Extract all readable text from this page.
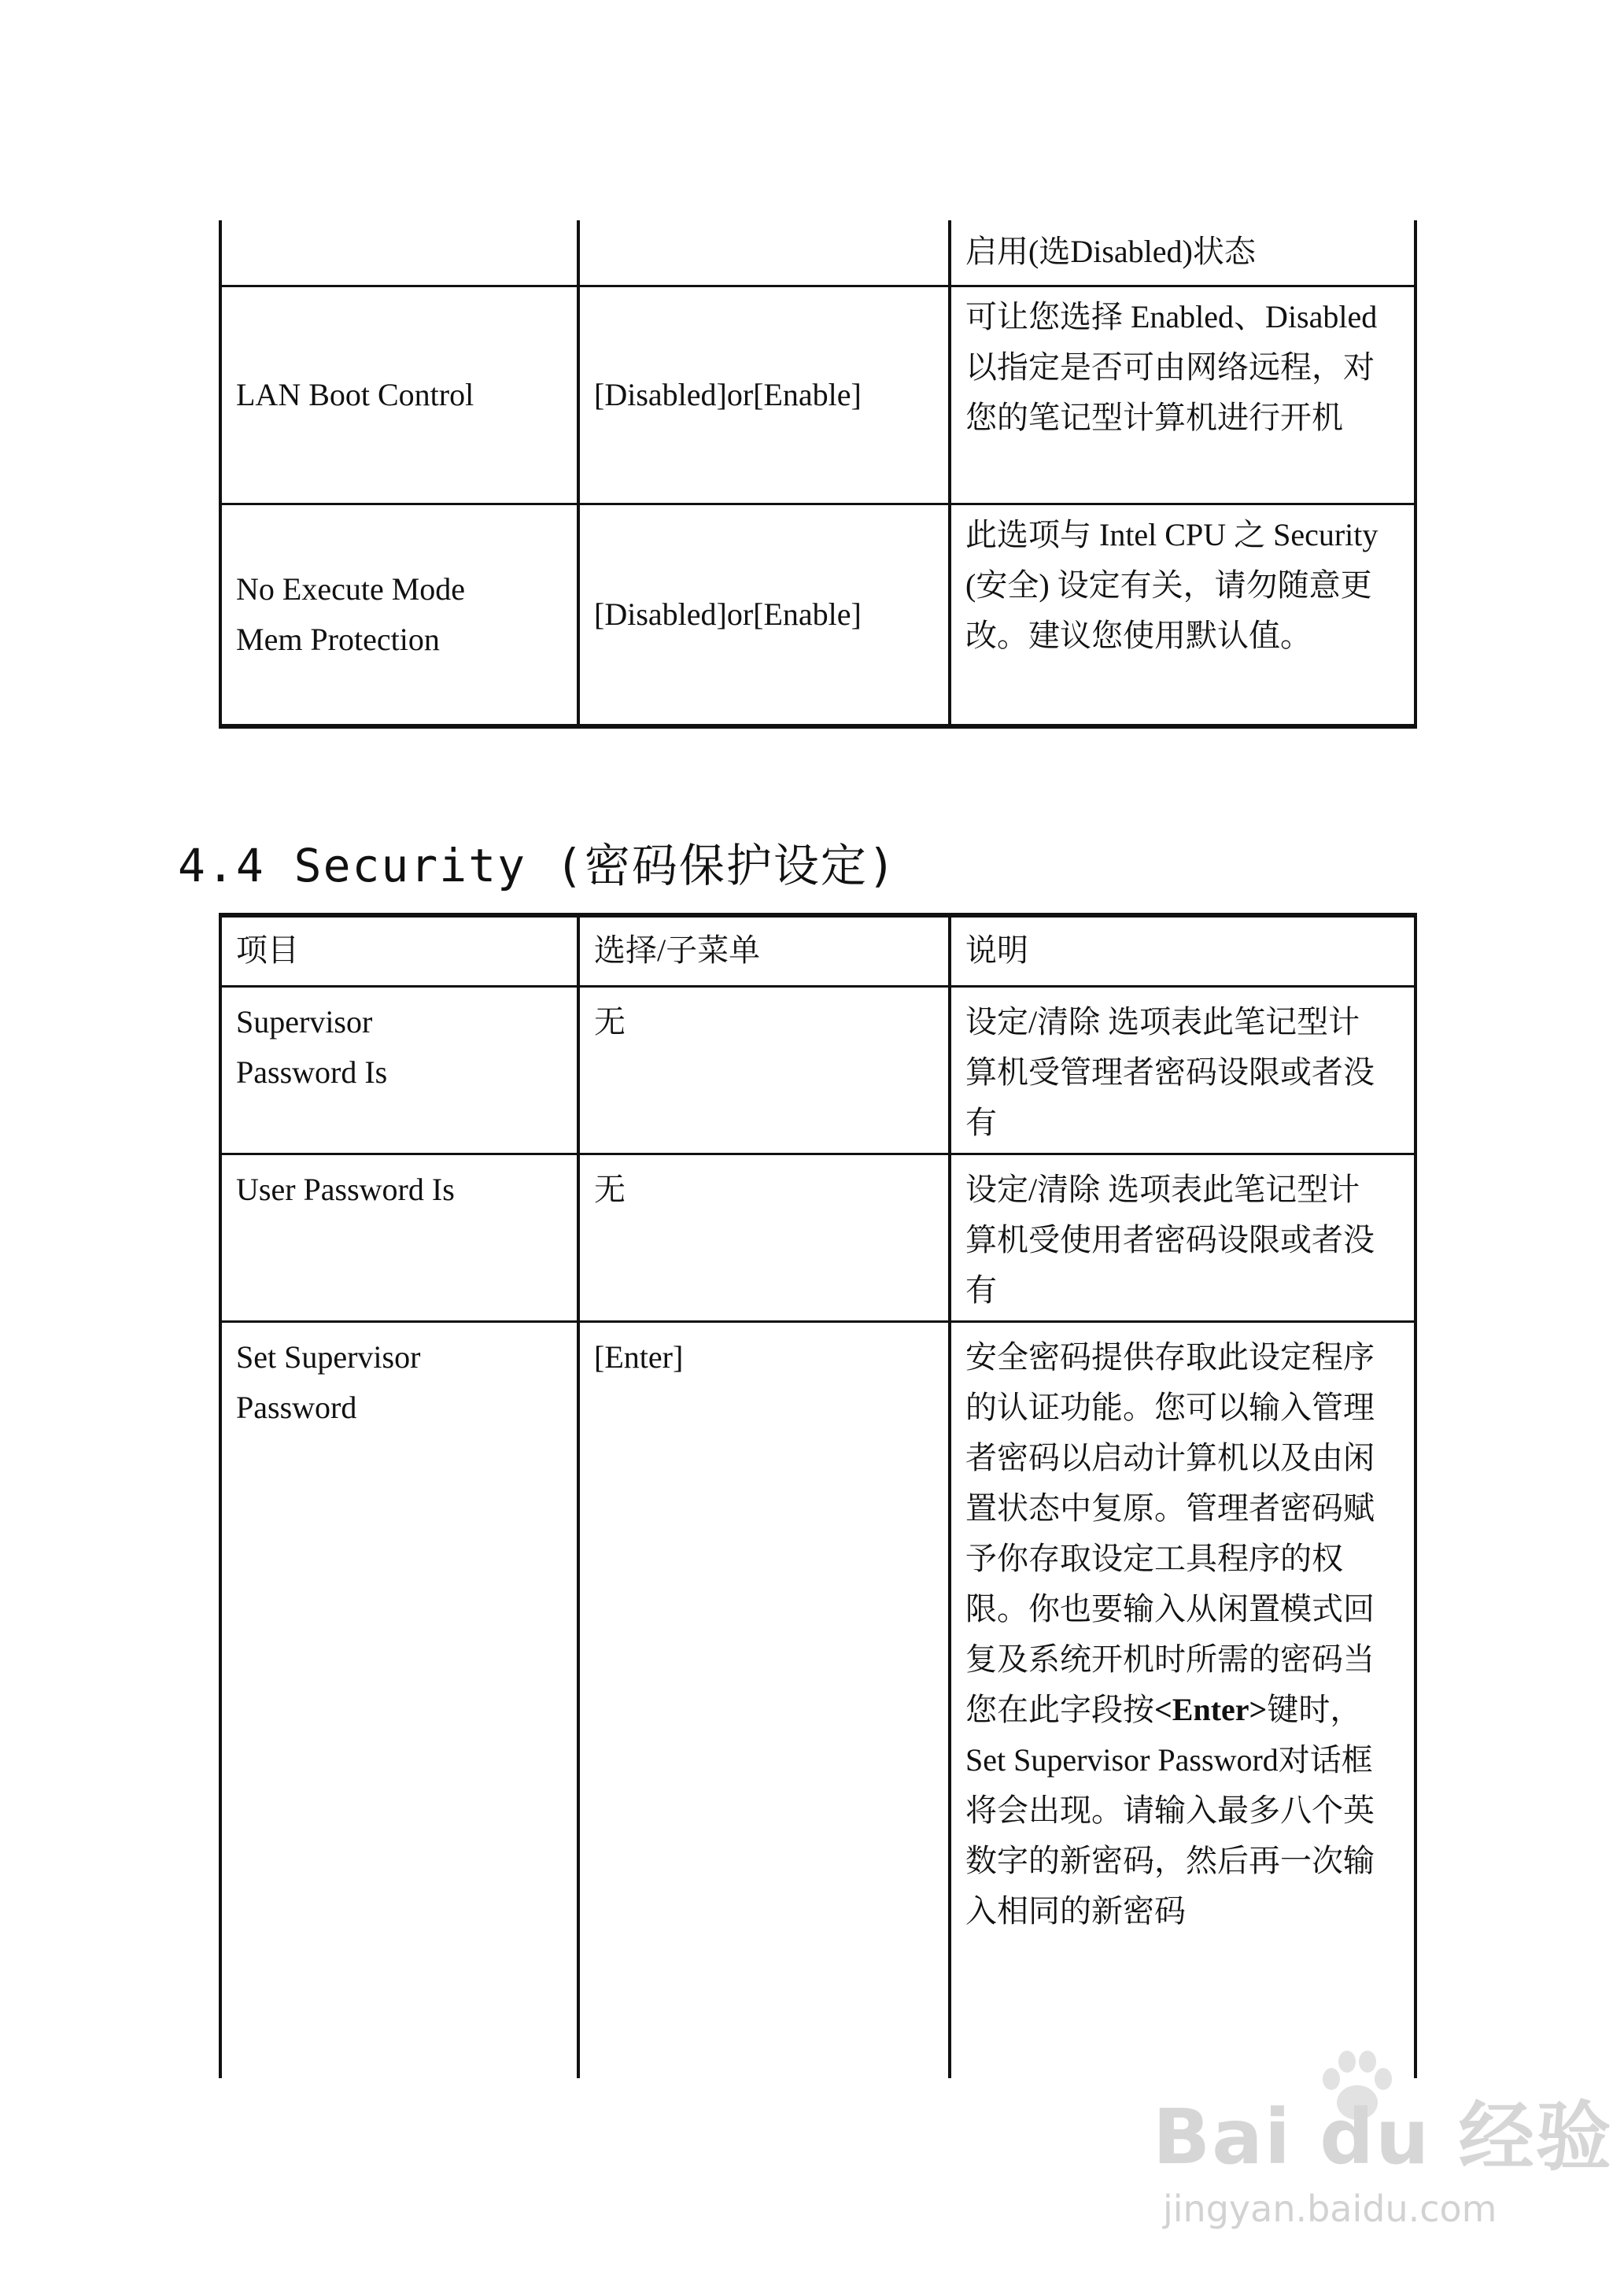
		启用(选Disabled)状态

LAN Boot Control	[Disabled]or[Enable]	可让您选择 Enabled、Disabled 以指定是否可由网络远程，对您的笔记型计算机进行开机

No Execute Mode Mem Protection	[Disabled]or[Enable]	此选项与 Intel CPU 之 Security (安全) 设定有关，请勿随意更改。建议您使用默认值。
4.4 Security (密码保护设定)
项目	选择/子菜单	说明

Supervisor Password Is	无	设定/清除 选项表此笔记型计算机受管理者密码设限或者没有

User Password Is	无	设定/清除 选项表此笔记型计算机受使用者密码设限或者没有

Set Supervisor Password	[Enter]	安全密码提供存取此设定程序的认证功能。您可以输入管理者密码以启动计算机以及由闲置状态中复原。管理者密码赋予你存取设定工具程序的权限。你也要输入从闲置模式回复及系统开机时所需的密码当您在此字段按<Enter>键时，Set Supervisor Password对话框将会出现。请输入最多八个英数字的新密码，然后再一次输入相同的新密码
Bai du 经验
jingyan.baidu.com
